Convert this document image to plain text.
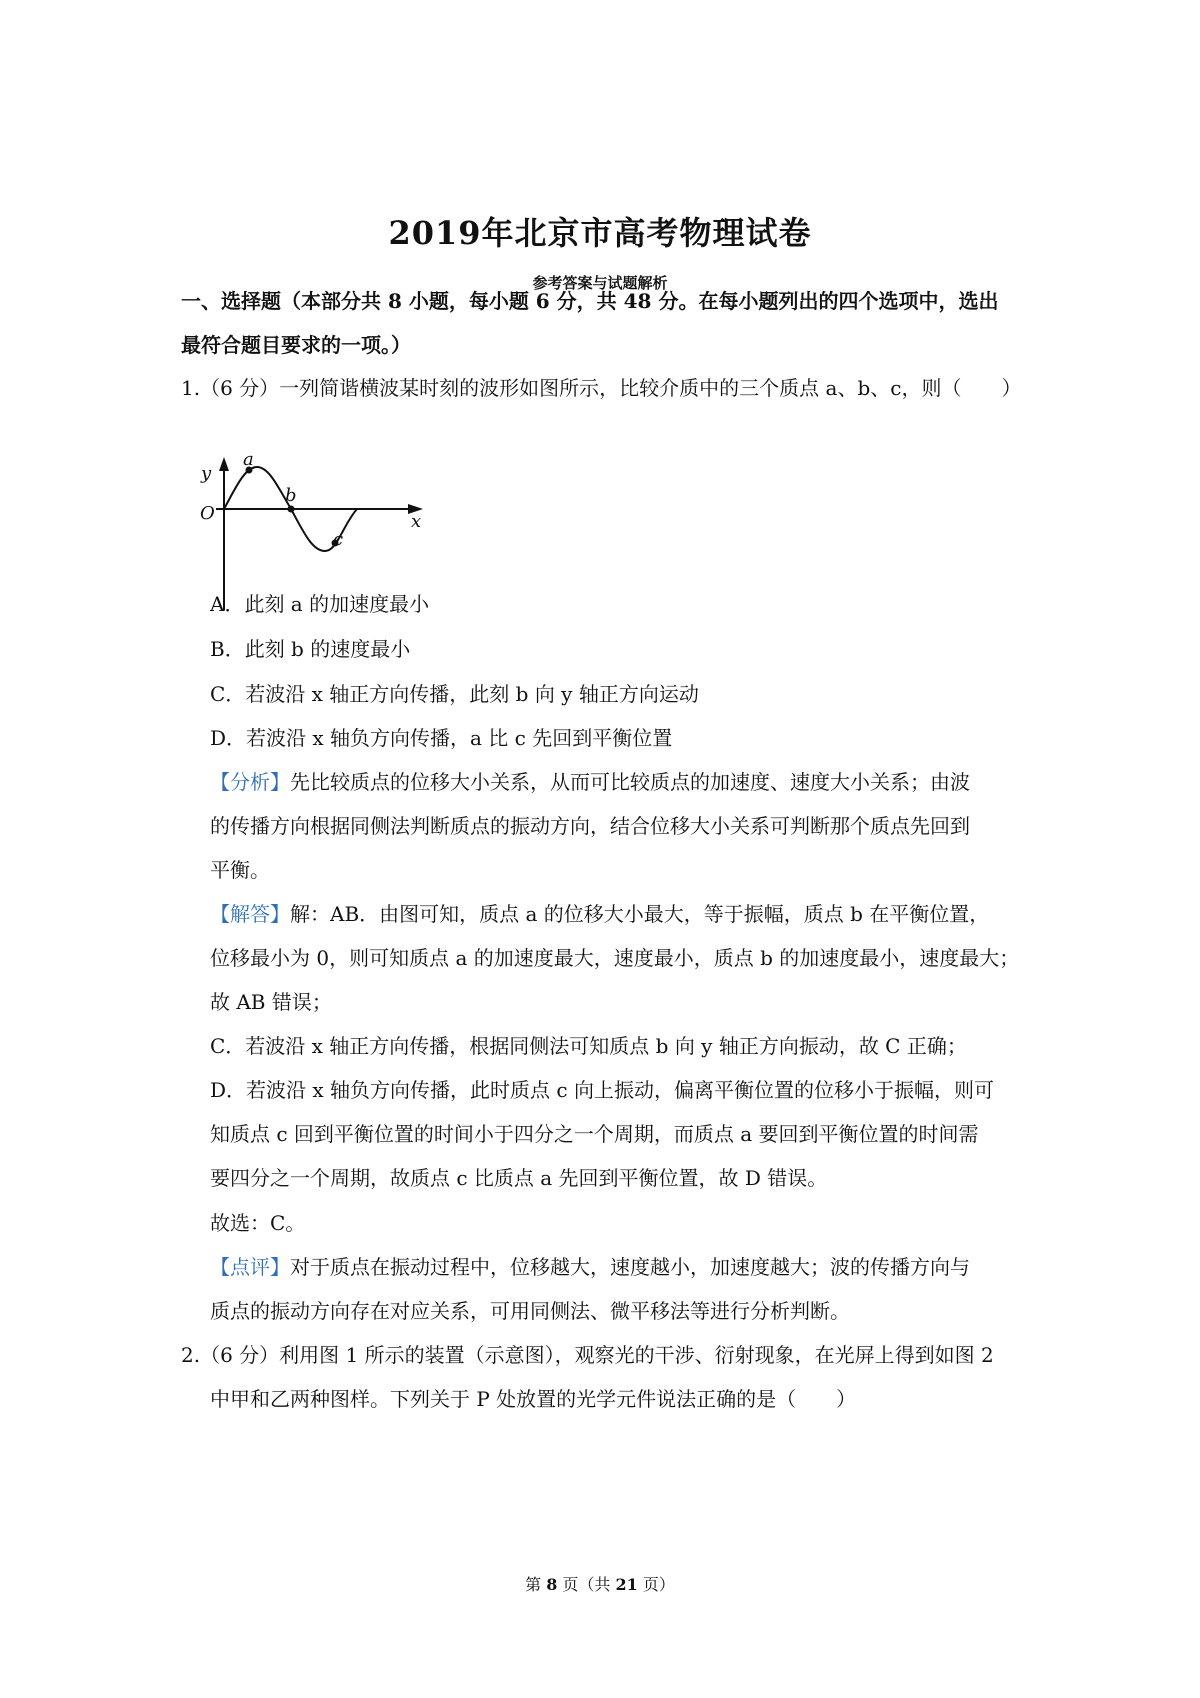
2019年北京市高考物理试卷
参考答案与试题解析
一、选择题（本部分共 8 小题，每小题 6 分，共 48 分。在每小题列出的四个选项中，选出
最符合题目要求的一项。）
1.（6 分）一列简谐横波某时刻的波形如图所示，比较介质中的三个质点 a、b、c，则（　　）
y
x
O
a
b
c
A．此刻 a 的加速度最小
B．此刻 b 的速度最小
C．若波沿 x 轴正方向传播，此刻 b 向 y 轴正方向运动
D．若波沿 x 轴负方向传播，a 比 c 先回到平衡位置
【分析】先比较质点的位移大小关系，从而可比较质点的加速度、速度大小关系；由波
的传播方向根据同侧法判断质点的振动方向，结合位移大小关系可判断那个质点先回到
平衡。
【解答】解：AB．由图可知，质点 a 的位移大小最大，等于振幅，质点 b 在平衡位置，
位移最小为 0，则可知质点 a 的加速度最大，速度最小，质点 b 的加速度最小，速度最大；
故 AB 错误；
C．若波沿 x 轴正方向传播，根据同侧法可知质点 b 向 y 轴正方向振动，故 C 正确；
D．若波沿 x 轴负方向传播，此时质点 c 向上振动，偏离平衡位置的位移小于振幅，则可
知质点 c 回到平衡位置的时间小于四分之一个周期，而质点 a 要回到平衡位置的时间需
要四分之一个周期，故质点 c 比质点 a 先回到平衡位置，故 D 错误。
故选：C。
【点评】对于质点在振动过程中，位移越大，速度越小，加速度越大；波的传播方向与
质点的振动方向存在对应关系，可用同侧法、微平移法等进行分析判断。
2.（6 分）利用图 1 所示的装置（示意图），观察光的干涉、衍射现象，在光屏上得到如图 2
中甲和乙两种图样。下列关于 P 处放置的光学元件说法正确的是（　　）
第 8 页（共 21 页）
